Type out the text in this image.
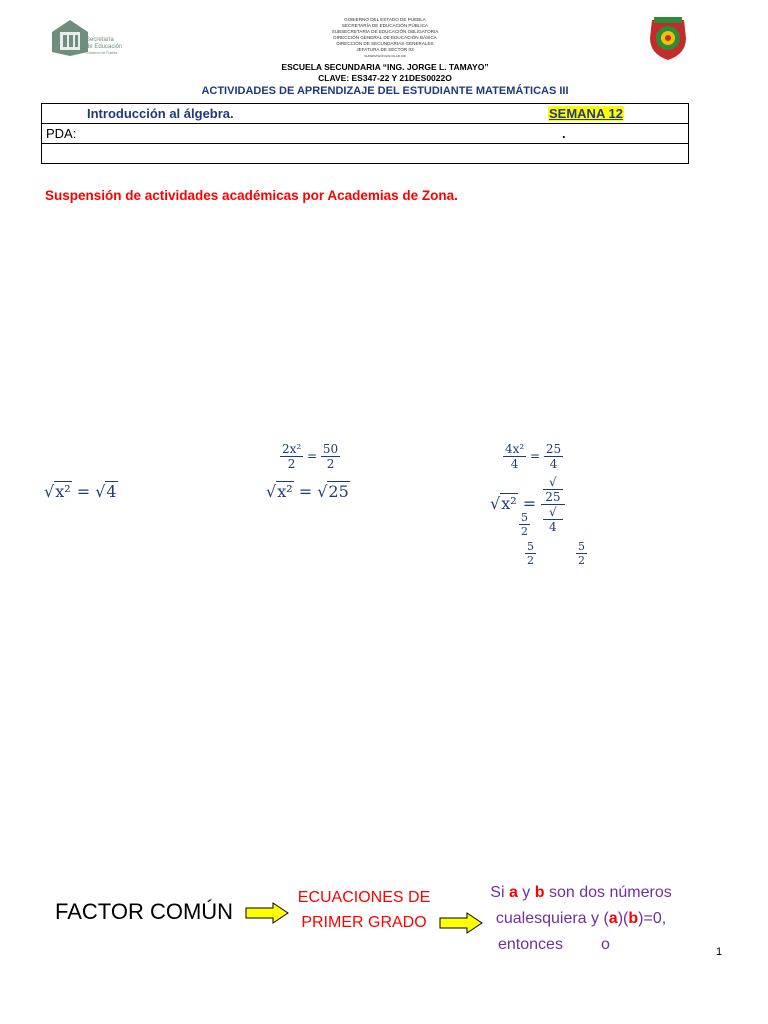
Secretaría
de Educación
Gobierno de Puebla
GOBIERNO DEL ESTADO DE PUEBLA
SECRETARÍA DE EDUCACIÓN PÚBLICA
SUBSECRETARÍA DE EDUCACIÓN OBLIGATORIA
DIRECCIÓN GENERAL DE EDUCACIÓN BÁSICA
DIRECCIÓN DE SECUNDARIAS GENERALES
JEFATURA DE SECTOR 03
SUPERVISIÓN ESCOLAR 018
ESCUELA SECUNDARIA “ING. JORGE L. TAMAYO”
CLAVE: ES347-22 Y 21DES0022O
ACTIVIDADES DE APRENDIZAJE DEL ESTUDIANTE MATEMÁTICAS III
Introducción al álgebra.	SEMANA 12

PDA:	.

Suspensión de actividades académicas por Academias de Zona.
√x² = √4
$\frac{\text{2x²}}{2} = \frac{50}{2}$
√x² = √25
$\frac{\text{4x²}}{4} = \frac{25}{4}$
√x² = √
25
√
4
$\frac{5}{2}$
$\frac{5}{2}$	$\frac{5}{2}$
FACTOR COMÚN
ECUACIONES DE
PRIMER GRADO
Si a y b son dos números
cualesquiera y (a)(b)=0,
entonces o	1
